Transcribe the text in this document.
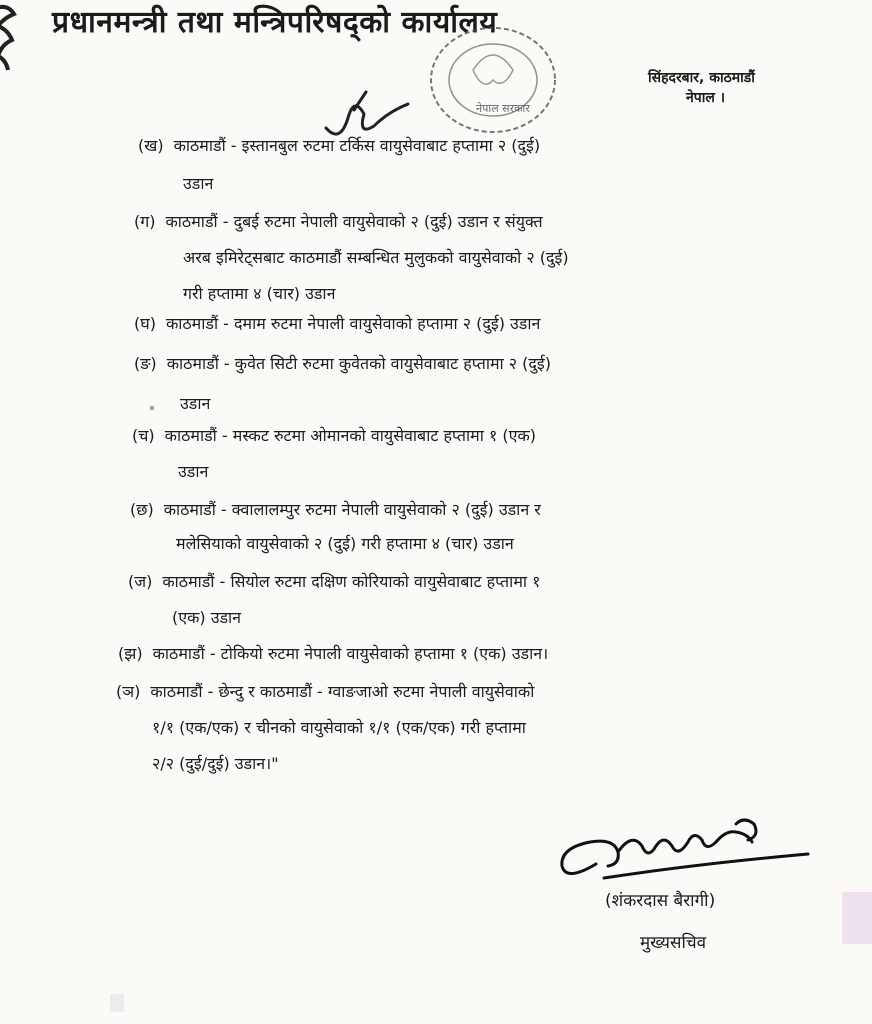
प्रधानमन्त्री तथा मन्त्रिपरिषद्को कार्यालय
नेपाल सरकार
सिंहदरबार, काठमाडौं
नेपाल ।
(ख) काठमाडौं - इस्तानबुल रुटमा टर्किस वायुसेवाबाट हप्तामा २ (दुई)
उडान
(ग) काठमाडौं - दुबई रुटमा नेपाली वायुसेवाको २ (दुई) उडान र संयुक्त
अरब इमिरेट्सबाट काठमाडौं सम्बन्धित मुलुकको वायुसेवाको २ (दुई)
गरी हप्तामा ४ (चार) उडान
(घ) काठमाडौं - दमाम रुटमा नेपाली वायुसेवाको हप्तामा २ (दुई) उडान
(ङ) काठमाडौं - कुवेत सिटी रुटमा कुवेतको वायुसेवाबाट हप्तामा २ (दुई)
उडान
(च) काठमाडौं - मस्कट रुटमा ओमानको वायुसेवाबाट हप्तामा १ (एक)
उडान
(छ) काठमाडौं - क्वालालम्पुर रुटमा नेपाली वायुसेवाको २ (दुई) उडान र
मलेसियाको वायुसेवाको २ (दुई) गरी हप्तामा ४ (चार) उडान
(ज) काठमाडौं - सियोल रुटमा दक्षिण कोरियाको वायुसेवाबाट हप्तामा १
(एक) उडान
(झ) काठमाडौं - टोकियो रुटमा नेपाली वायुसेवाको हप्तामा १ (एक) उडान।
(ञ) काठमाडौं - छेन्दु र काठमाडौं - ग्वाङजाओ रुटमा नेपाली वायुसेवाको
१/१ (एक/एक) र चीनको वायुसेवाको १/१ (एक/एक) गरी हप्तामा
२/२ (दुई/दुई) उडान।"
(शंकरदास बैरागी)
मुख्यसचिव
